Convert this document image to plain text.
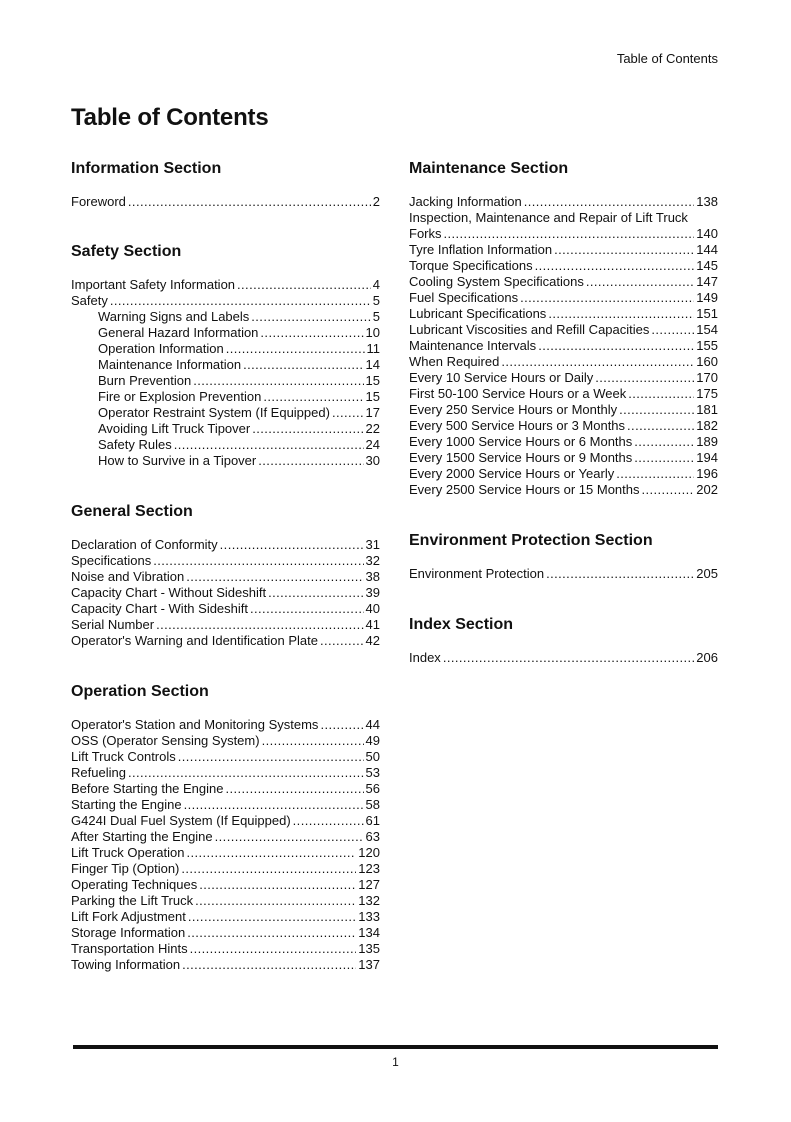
Table of Contents
Table of Contents
Information Section
Foreword .....	2
Safety Section
Important Safety Information .....	4
Safety .....	5
Warning Signs and Labels .....	5
General Hazard Information .....	10
Operation Information .....	11
Maintenance Information .....	14
Burn Prevention .....	15
Fire or Explosion Prevention .....	15
Operator Restraint System (If Equipped) .....	17
Avoiding Lift Truck Tipover .....	22
Safety Rules .....	24
How to Survive in a Tipover .....	30
General Section
Declaration of Conformity .....	31
Specifications .....	32
Noise and Vibration .....	38
Capacity Chart - Without Sideshift .....	39
Capacity Chart - With Sideshift .....	40
Serial Number .....	41
Operator's Warning and Identification Plate .....	42
Operation Section
Operator's Station and Monitoring Systems .....	44
OSS (Operator Sensing System) .....	49
Lift Truck Controls .....	50
Refueling .....	53
Before Starting the Engine .....	56
Starting the Engine .....	58
G424I Dual Fuel System (If Equipped) .....	61
After Starting the Engine .....	63
Lift Truck Operation .....	120
Finger Tip (Option) .....	123
Operating Techniques .....	127
Parking the Lift Truck .....	132
Lift Fork Adjustment .....	133
Storage Information .....	134
Transportation Hints .....	135
Towing Information .....	137
Maintenance Section
Jacking Information .....	138
Inspection, Maintenance and Repair of Lift Truck
Forks .....	140
Tyre Inflation Information .....	144
Torque Specifications .....	145
Cooling System Specifications .....	147
Fuel Specifications .....	149
Lubricant Specifications .....	151
Lubricant Viscosities and Refill Capacities .....	154
Maintenance Intervals .....	155
When Required .....	160
Every 10 Service Hours or Daily .....	170
First 50-100 Service Hours or a Week .....	175
Every 250 Service Hours or Monthly .....	181
Every 500 Service Hours or 3 Months .....	182
Every 1000 Service Hours or 6 Months .....	189
Every 1500 Service Hours or 9 Months .....	194
Every 2000 Service Hours or Yearly .....	196
Every 2500 Service Hours or 15 Months .....	202
Environment Protection Section
Environment Protection .....	205
Index Section
Index .....	206
1
